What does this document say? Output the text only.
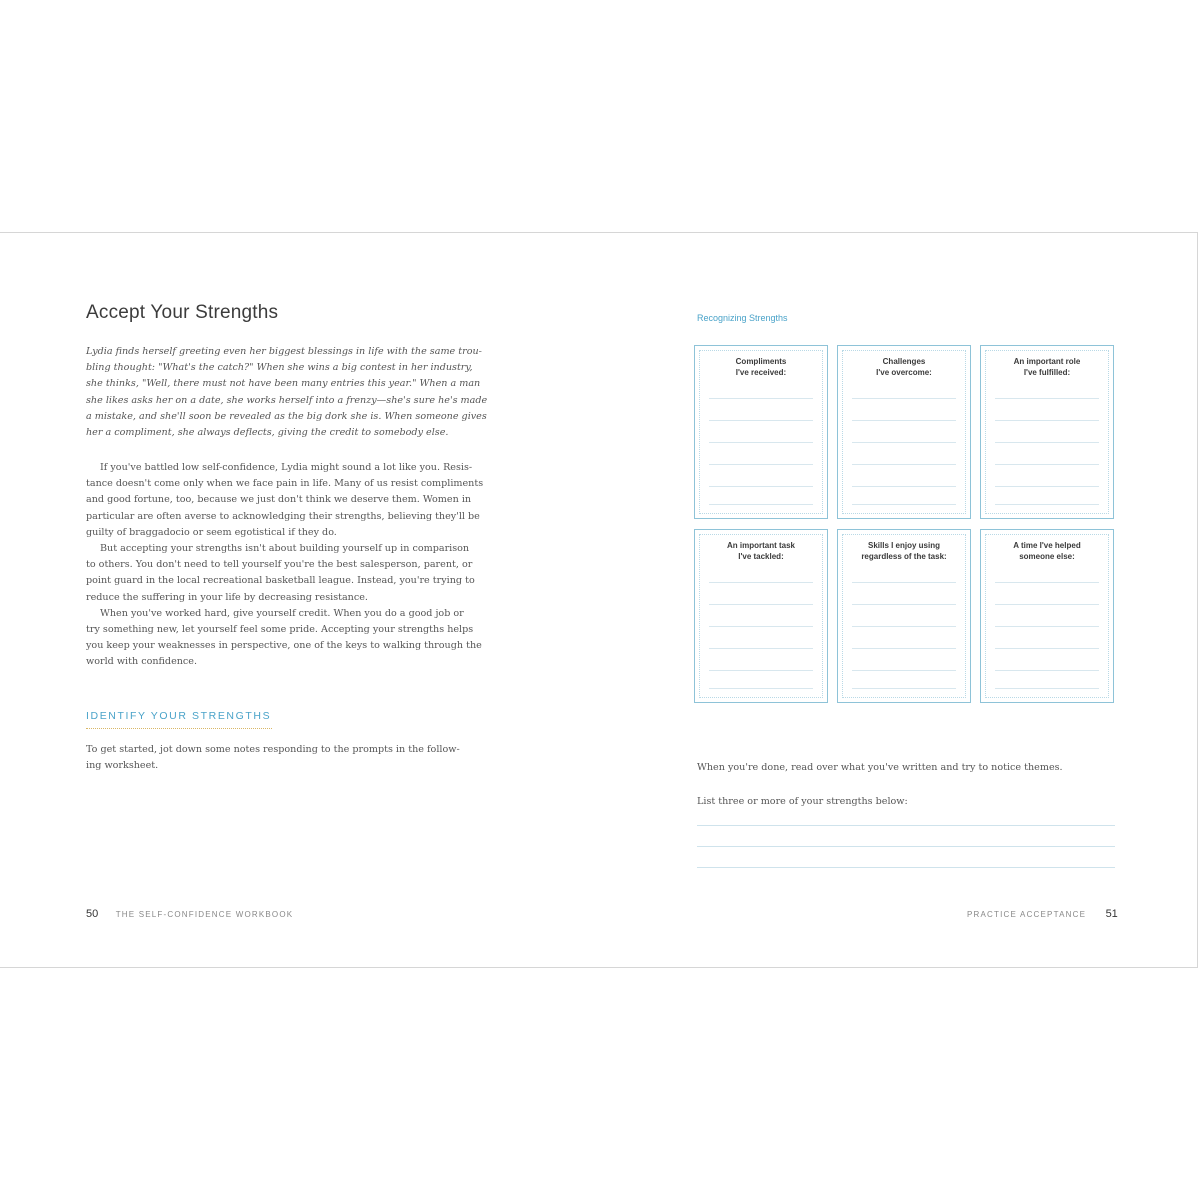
Accept Your Strengths

Lydia finds herself greeting even her biggest blessings in life with the same trou-

bling thought: "What's the catch?" When she wins a big contest in her industry,

she thinks, "Well, there must not have been many entries this year." When a man

she likes asks her on a date, she works herself into a frenzy—she's sure he's made

a mistake, and she'll soon be revealed as the big dork she is. When someone gives

her a compliment, she always deflects, giving the credit to somebody else.

If you've battled low self-confidence, Lydia might sound a lot like you. Resis-

tance doesn't come only when we face pain in life. Many of us resist compliments

and good fortune, too, because we just don't think we deserve them. Women in

particular are often averse to acknowledging their strengths, believing they'll be

guilty of braggadocio or seem egotistical if they do.

But accepting your strengths isn't about building yourself up in comparison

to others. You don't need to tell yourself you're the best salesperson, parent, or

point guard in the local recreational basketball league. Instead, you're trying to

reduce the suffering in your life by decreasing resistance.

When you've worked hard, give yourself credit. When you do a good job or

try something new, let yourself feel some pride. Accepting your strengths helps

you keep your weaknesses in perspective, one of the keys to walking through the

world with confidence.

IDENTIFY YOUR STRENGTHS

To get started, jot down some notes responding to the prompts in the follow-

ing worksheet.

50 THE SELF-CONFIDENCE WORKBOOK
Recognizing Strengths
Compliments
I've received:
Challenges
I've overcome:
An important role
I've fulfilled:
An important task
I've tackled:
Skills I enjoy using
regardless of the task:
A time I've helped
someone else:
When you're done, read over what you've written and try to notice themes.
List three or more of your strengths below:
PRACTICE ACCEPTANCE 51
